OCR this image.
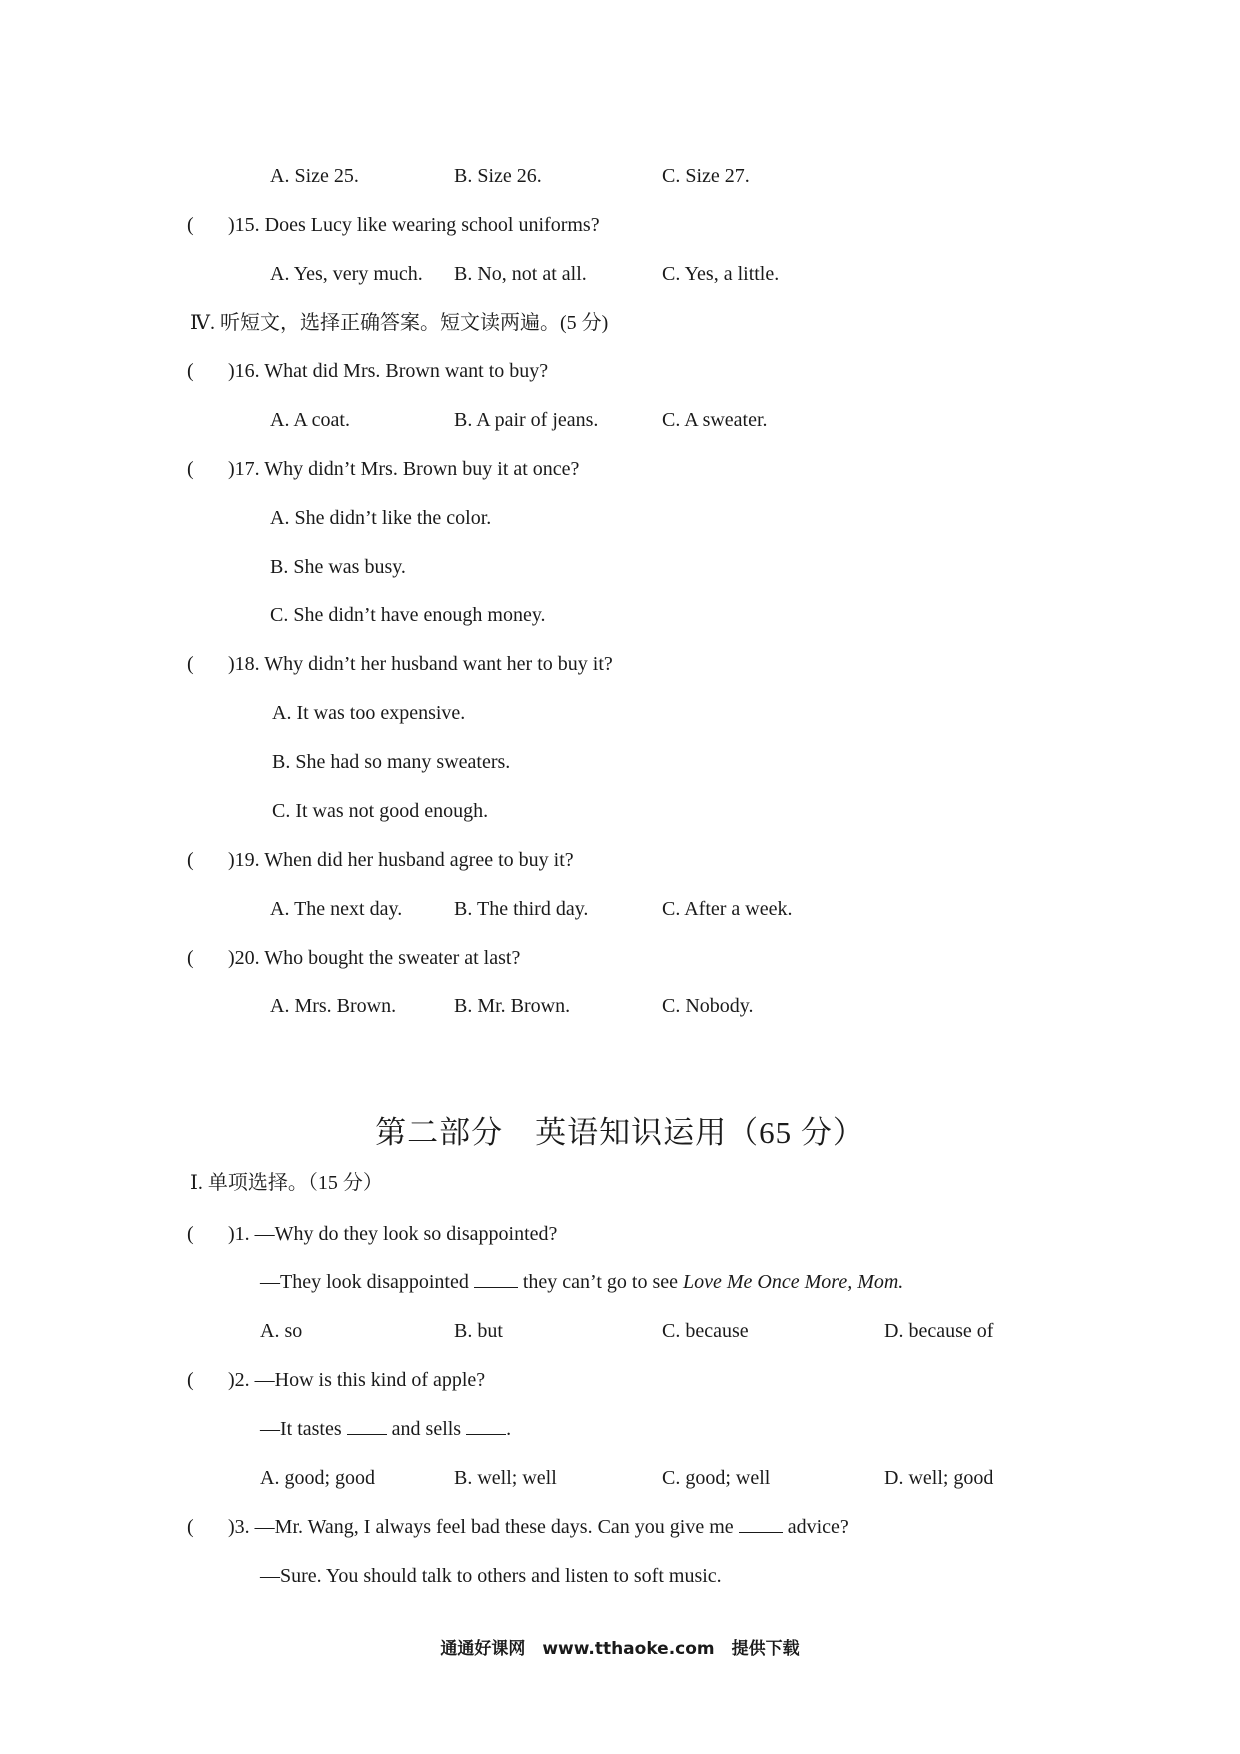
A. Size 25.	B. Size 26.	C. Size 27.
( )15. Does Lucy like wearing school uniforms?
A. Yes, very much. B. No, not at all.	C. Yes, a little.
Ⅳ. 听短文，选择正确答案。短文读两遍。(5 分)
( )16. What did Mrs. Brown want to buy?
A. A coat.	B. A pair of jeans.	C. A sweater.
( )17. Why didn’t Mrs. Brown buy it at once?
A. She didn’t like the color.
B. She was busy.
C. She didn’t have enough money.
( )18. Why didn’t her husband want her to buy it?
A. It was too expensive.
B. She had so many sweaters.
C. It was not good enough.
( )19. When did her husband agree to buy it?
A. The next day.	B. The third day.	C. After a week.
( )20. Who bought the sweater at last?
A. Mrs. Brown.	B. Mr. Brown.	C. Nobody.
第二部分　英语知识运用（65 分）
Ⅰ. 单项选择。（15 分）
( )1. —Why do they look so disappointed?
—They look disappointed	they can’t go to see Love Me Once More, Mom.
A. so	B. but	C. because	D. because of
( )2. —How is this kind of apple?
—It tastes	and sells .
A. good; good	B. well; well	C. good; well	D. well; good
( )3. —Mr. Wang, I always feel bad these days. Can you give me	advice?
—Sure. You should talk to others and listen to soft music.
通通好课网　www.tthaoke.com　提供下载
